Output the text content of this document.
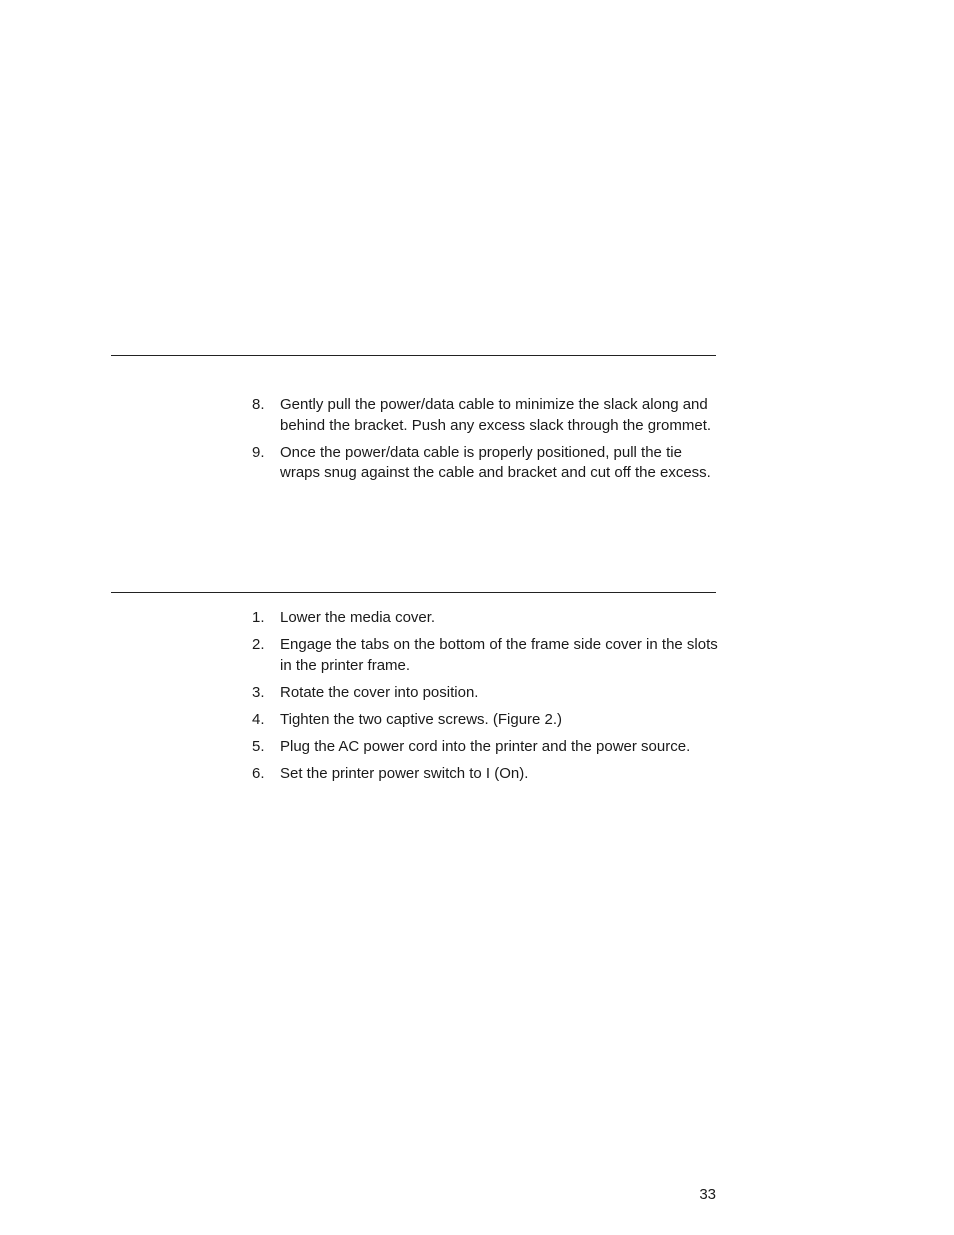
8.	Gently pull the power/data cable to minimize the slack along and behind the bracket. Push any excess slack through the grommet.
9.	Once the power/data cable is properly positioned, pull the tie wraps snug against the cable and bracket and cut off the excess.
1.	Lower the media cover.
2.	Engage the tabs on the bottom of the frame side cover in the slots in the printer frame.
3.	Rotate the cover into position.
4.	Tighten the two captive screws. (Figure 2.)
5.	Plug the AC power cord into the printer and the power source.
6.	Set the printer power switch to I (On).
33
